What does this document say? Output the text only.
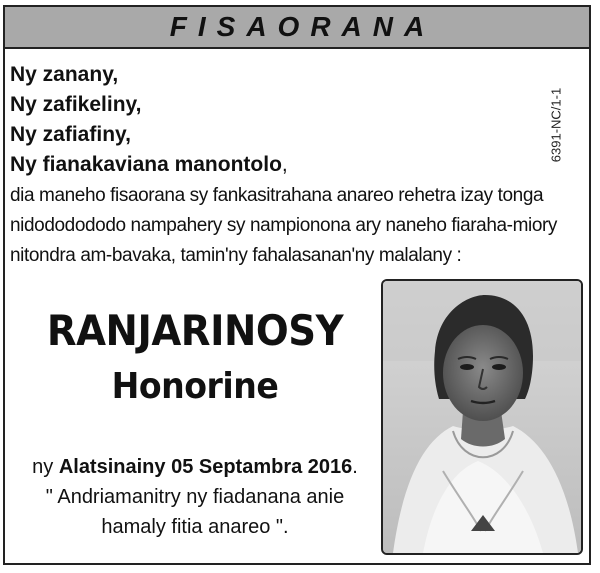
FISAORANA
6391-NC/1-1
Ny zanany,
Ny zafikeliny,
Ny zafiafiny,
Ny fianakaviana manontolo,
dia maneho fisaorana sy fankasitrahana anareo rehetra izay tonga
nidododododo nampahery sy nampionona ary naneho fiaraha-miory
nitondra am-bavaka, tamin'ny fahalasanan'ny malalany :
RANJARINOSY
Honorine
ny Alatsinainy 05 Septambra 2016.
" Andriamanitry ny fiadanana anie
hamaly fitia anareo ".
